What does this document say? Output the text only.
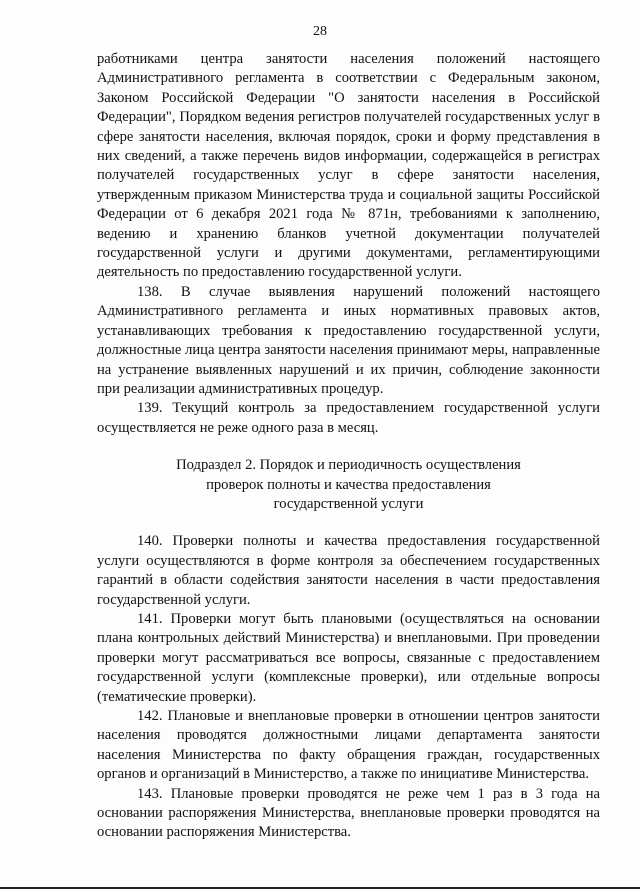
28

работниками центра занятости населения положений настоящего Административного регламента в соответствии с Федеральным законом, Законом Российской Федерации "О занятости населения в Российской Федерации", Порядком ведения регистров получателей государственных услуг в сфере занятости населения, включая порядок, сроки и форму представления в них сведений, а также перечень видов информации, содержащейся в регистрах получателей государственных услуг в сфере занятости населения, утвержденным приказом Министерства труда и социальной защиты Российской Федерации от 6 декабря 2021 года № 871н, требованиями к заполнению, ведению и хранению бланков учетной документации получателей государственной услуги и другими документами, регламентирующими деятельность по предоставлению государственной услуги.

138. В случае выявления нарушений положений настоящего Административного регламента и иных нормативных правовых актов, устанавливающих требования к предоставлению государственной услуги, должностные лица центра занятости населения принимают меры, направленные на устранение выявленных нарушений и их причин, соблюдение законности при реализации административных процедур.

139. Текущий контроль за предоставлением государственной услуги осуществляется не реже одного раза в месяц.

Подраздел 2. Порядок и периодичность осуществления
проверок полноты и качества предоставления
государственной услуги

140. Проверки полноты и качества предоставления государственной услуги осуществляются в форме контроля за обеспечением государственных гарантий в области содействия занятости населения в части предоставления государственной услуги.

141. Проверки могут быть плановыми (осуществляться на основании плана контрольных действий Министерства) и внеплановыми. При проведении проверки могут рассматриваться все вопросы, связанные с предоставлением государственной услуги (комплексные проверки), или отдельные вопросы (тематические проверки).

142. Плановые и внеплановые проверки в отношении центров занятости населения проводятся должностными лицами департамента занятости населения Министерства по факту обращения граждан, государственных органов и организаций в Министерство, а также по инициативе Министерства.

143. Плановые проверки проводятся не реже чем 1 раз в 3 года на основании распоряжения Министерства, внеплановые проверки проводятся на основании распоряжения Министерства.
